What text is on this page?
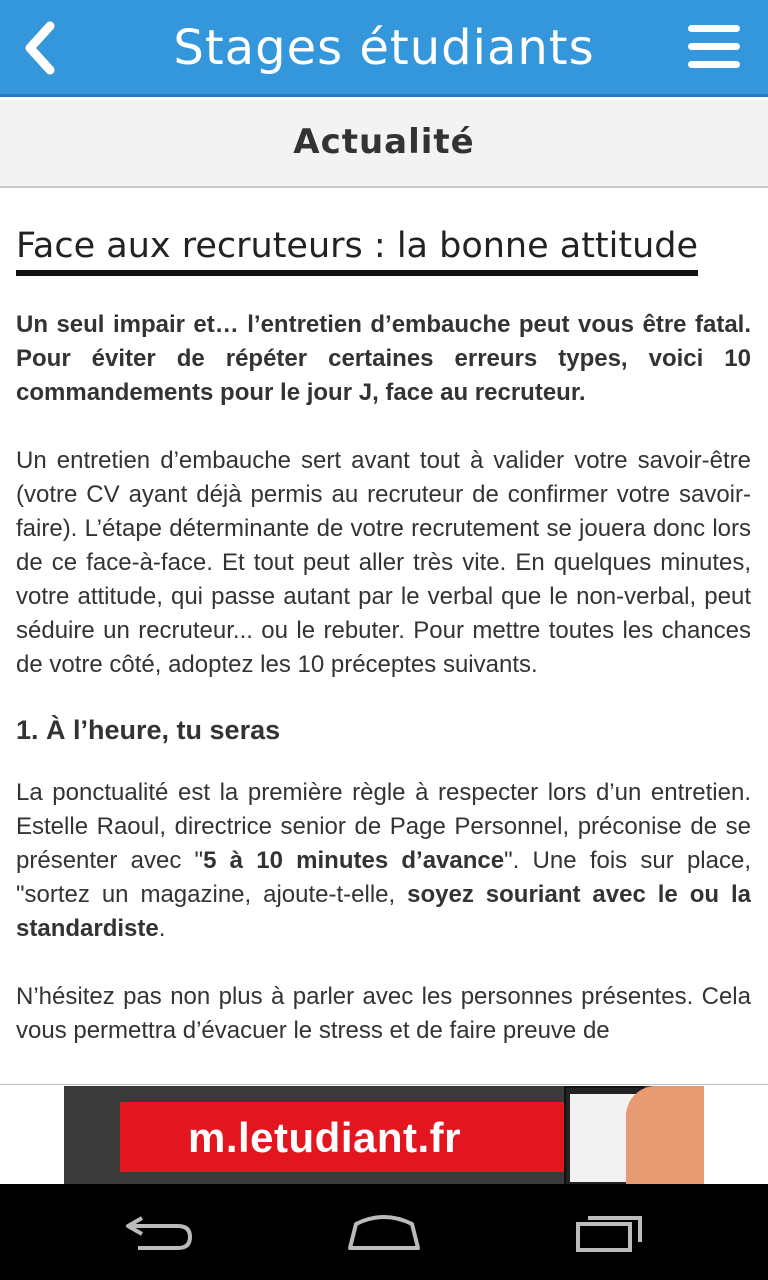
Stages étudiants
Actualité
Face aux recruteurs : la bonne attitude

Un seul impair et… l’entretien d’embauche peut vous être fatal. Pour éviter de répéter certaines erreurs types, voici 10 commandements pour le jour J, face au recruteur.

Un entretien d’embauche sert avant tout à valider votre savoir-être (votre CV ayant déjà permis au recruteur de confirmer votre savoir-faire). L’étape déterminante de votre recrutement se jouera donc lors de ce face-à-face. Et tout peut aller très vite. En quelques minutes, votre attitude, qui passe autant par le verbal que le non-verbal, peut séduire un recruteur... ou le rebuter. Pour mettre toutes les chances de votre côté, adoptez les 10 préceptes suivants.

1. À l’heure, tu seras

La ponctualité est la première règle à respecter lors d’un entretien. Estelle Raoul, directrice senior de Page Personnel, préconise de se présenter avec "5 à 10 minutes d’avance". Une fois sur place, "sortez un magazine, ajoute-t-elle, soyez souriant avec le ou la standardiste.

N’hésitez pas non plus à parler avec les personnes présentes. Cela vous permettra d’évacuer le stress et de faire preuve de

m.letudiant.fr
